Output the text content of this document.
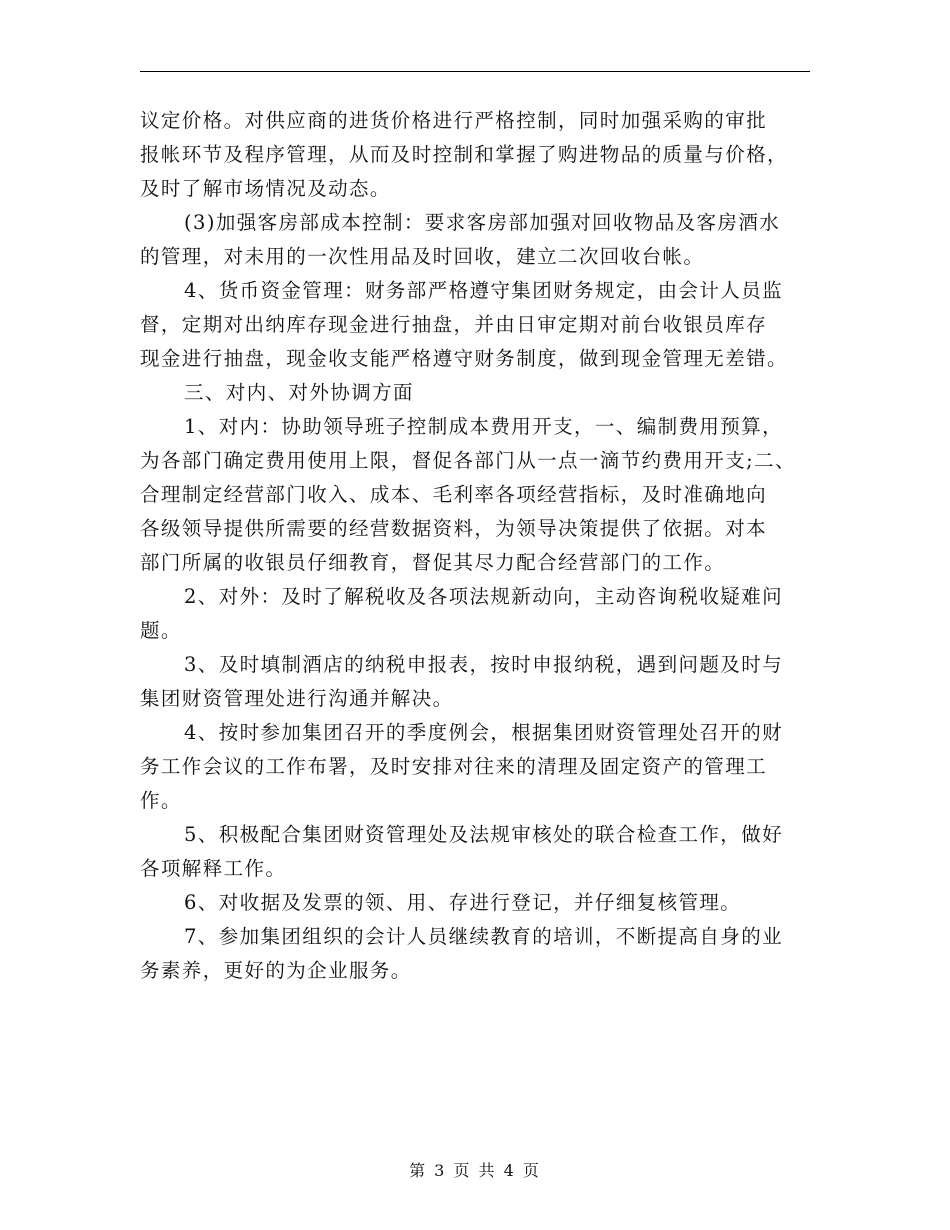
议定价格。对供应商的进货价格进行严格控制，同时加强采购的审批
报帐环节及程序管理，从而及时控制和掌握了购进物品的质量与价格，
及时了解市场情况及动态。
(3)加强客房部成本控制：要求客房部加强对回收物品及客房酒水
的管理，对未用的一次性用品及时回收，建立二次回收台帐。
4、货币资金管理：财务部严格遵守集团财务规定，由会计人员监
督，定期对出纳库存现金进行抽盘，并由日审定期对前台收银员库存
现金进行抽盘，现金收支能严格遵守财务制度，做到现金管理无差错。
三、对内、对外协调方面
1、对内：协助领导班子控制成本费用开支，一、编制费用预算，
为各部门确定费用使用上限，督促各部门从一点一滴节约费用开支;二、
合理制定经营部门收入、成本、毛利率各项经营指标，及时准确地向
各级领导提供所需要的经营数据资料，为领导决策提供了依据。对本
部门所属的收银员仔细教育，督促其尽力配合经营部门的工作。
2、对外：及时了解税收及各项法规新动向，主动咨询税收疑难问
题。
3、及时填制酒店的纳税申报表，按时申报纳税，遇到问题及时与
集团财资管理处进行沟通并解决。
4、按时参加集团召开的季度例会，根据集团财资管理处召开的财
务工作会议的工作布署，及时安排对往来的清理及固定资产的管理工
作。
5、积极配合集团财资管理处及法规审核处的联合检查工作，做好
各项解释工作。
6、对收据及发票的领、用、存进行登记，并仔细复核管理。
7、参加集团组织的会计人员继续教育的培训，不断提高自身的业
务素养，更好的为企业服务。
第 3 页 共 4 页
